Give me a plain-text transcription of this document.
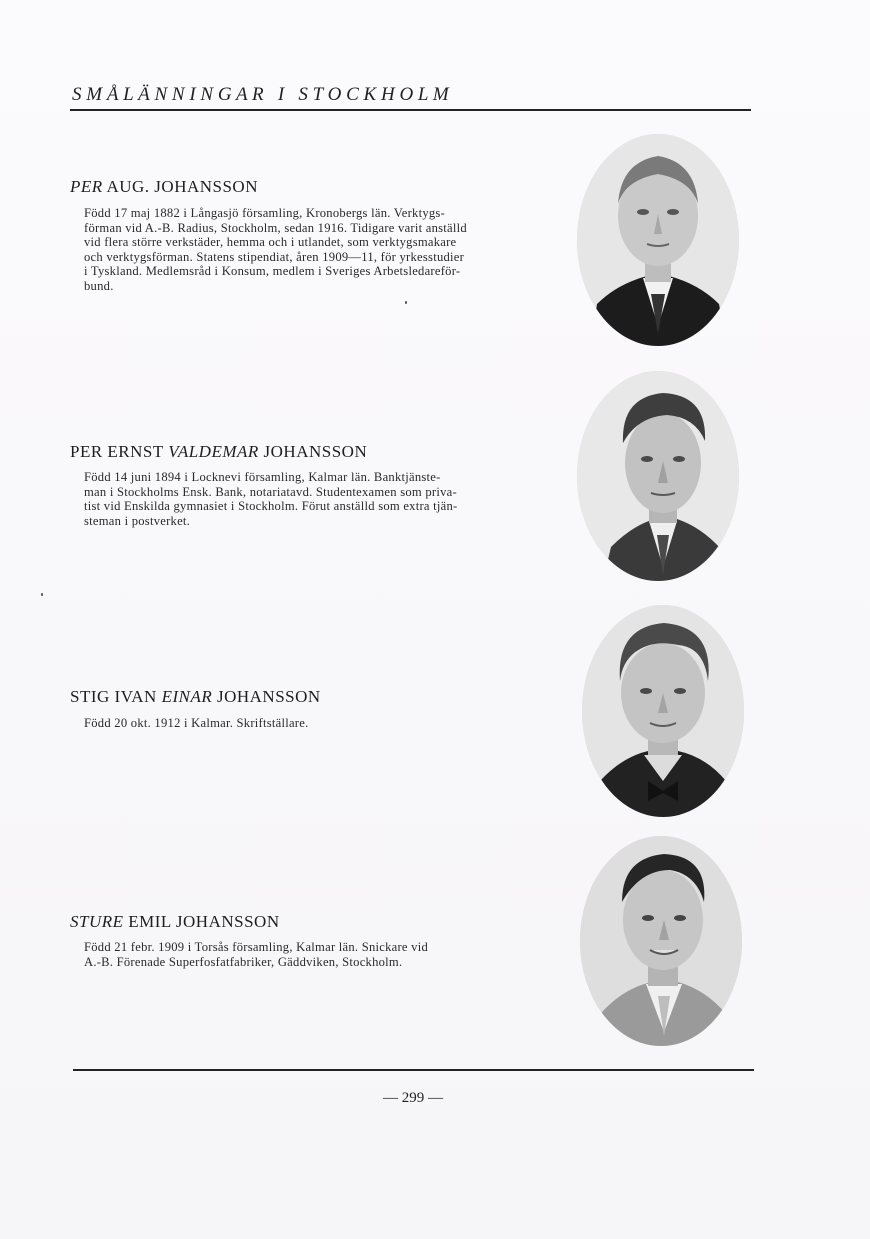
S M Å L Ä N N I N G A R   I   S T O C K H O L M
PER AUG. JOHANSSON
Född 17 maj 1882 i Långasjö församling, Kronobergs län. Verktygs-
förman vid A.-B. Radius, Stockholm, sedan 1916. Tidigare varit anställd
vid flera större verkstäder, hemma och i utlandet, som verktygsmakare
och verktygsförman. Statens stipendiat, åren 1909—11, för yrkesstudier
i Tyskland. Medlemsråd i Konsum, medlem i Sveriges Arbetsledareför-
bund.
PER ERNST VALDEMAR JOHANSSON
Född 14 juni 1894 i Locknevi församling, Kalmar län. Banktjänste-
man i Stockholms Ensk. Bank, notariatavd. Studentexamen som priva-
tist vid Enskilda gymnasiet i Stockholm. Förut anställd som extra tjän-
steman i postverket.
STIG IVAN EINAR JOHANSSON
Född 20 okt. 1912 i Kalmar. Skriftställare.
STURE EMIL JOHANSSON
Född 21 febr. 1909 i Torsås församling, Kalmar län. Snickare vid
A.-B. Förenade Superfosfatfabriker, Gäddviken, Stockholm.
— 299 —
